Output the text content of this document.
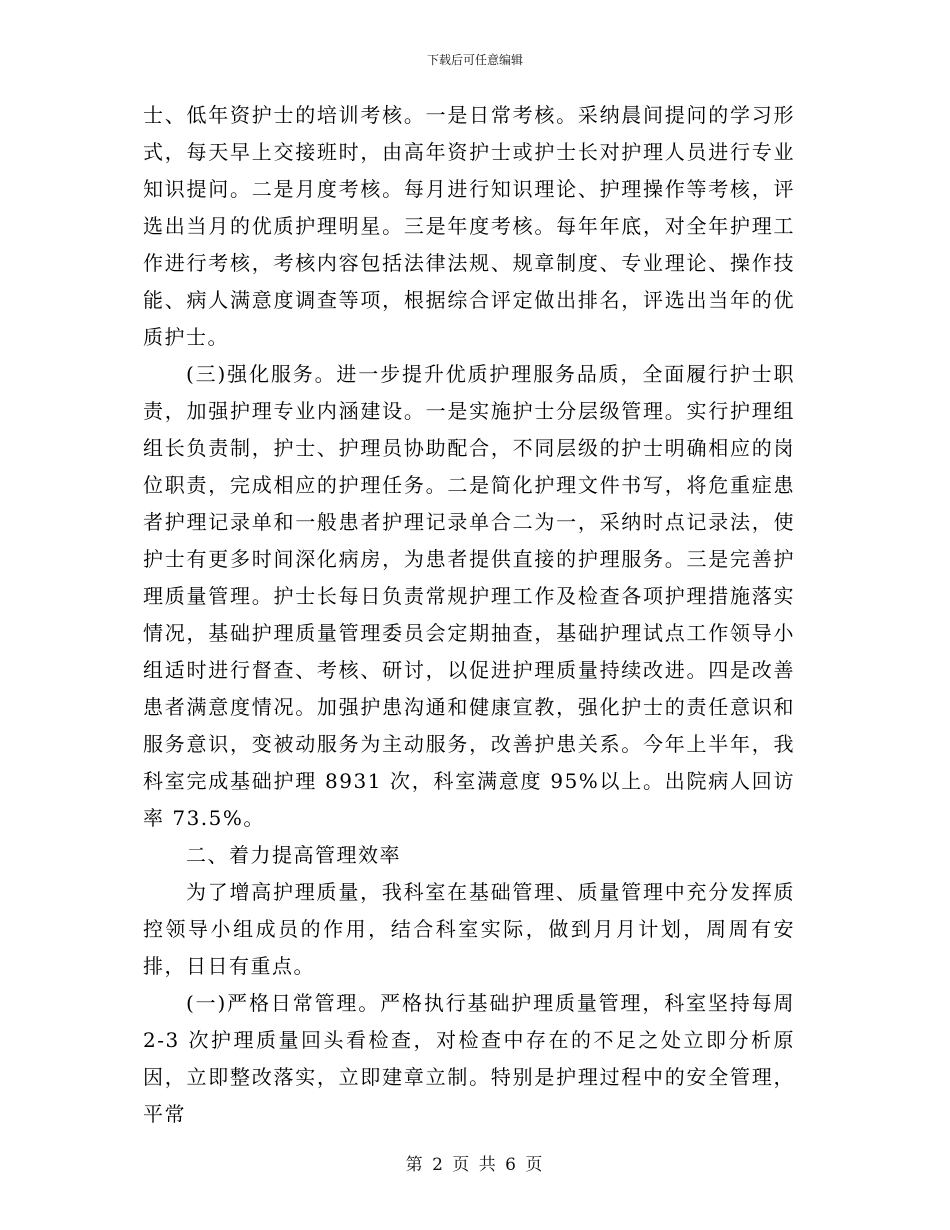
下载后可任意编辑

士、低年资护士的培训考核。一是日常考核。采纳晨间提问的学习形式，每天早上交接班时，由高年资护士或护士长对护理人员进行专业知识提问。二是月度考核。每月进行知识理论、护理操作等考核，评选出当月的优质护理明星。三是年度考核。每年年底，对全年护理工作进行考核，考核内容包括法律法规、规章制度、专业理论、操作技能、病人满意度调查等项，根据综合评定做出排名，评选出当年的优质护士。

(三)强化服务。进一步提升优质护理服务品质，全面履行护士职责，加强护理专业内涵建设。一是实施护士分层级管理。实行护理组组长负责制，护士、护理员协助配合，不同层级的护士明确相应的岗位职责，完成相应的护理任务。二是简化护理文件书写，将危重症患者护理记录单和一般患者护理记录单合二为一，采纳时点记录法，使护士有更多时间深化病房，为患者提供直接的护理服务。三是完善护理质量管理。护士长每日负责常规护理工作及检查各项护理措施落实情况，基础护理质量管理委员会定期抽查，基础护理试点工作领导小组适时进行督查、考核、研讨，以促进护理质量持续改进。四是改善患者满意度情况。加强护患沟通和健康宣教，强化护士的责任意识和服务意识，变被动服务为主动服务，改善护患关系。今年上半年，我科室完成基础护理 8931 次，科室满意度 95%以上。出院病人回访率 73.5%。

二、着力提高管理效率

为了增高护理质量，我科室在基础管理、质量管理中充分发挥质控领导小组成员的作用，结合科室实际，做到月月计划，周周有安排，日日有重点。

(一)严格日常管理。严格执行基础护理质量管理，科室坚持每周 2-3 次护理质量回头看检查，对检查中存在的不足之处立即分析原因，立即整改落实，立即建章立制。特别是护理过程中的安全管理，平常

第 2 页 共 6 页
